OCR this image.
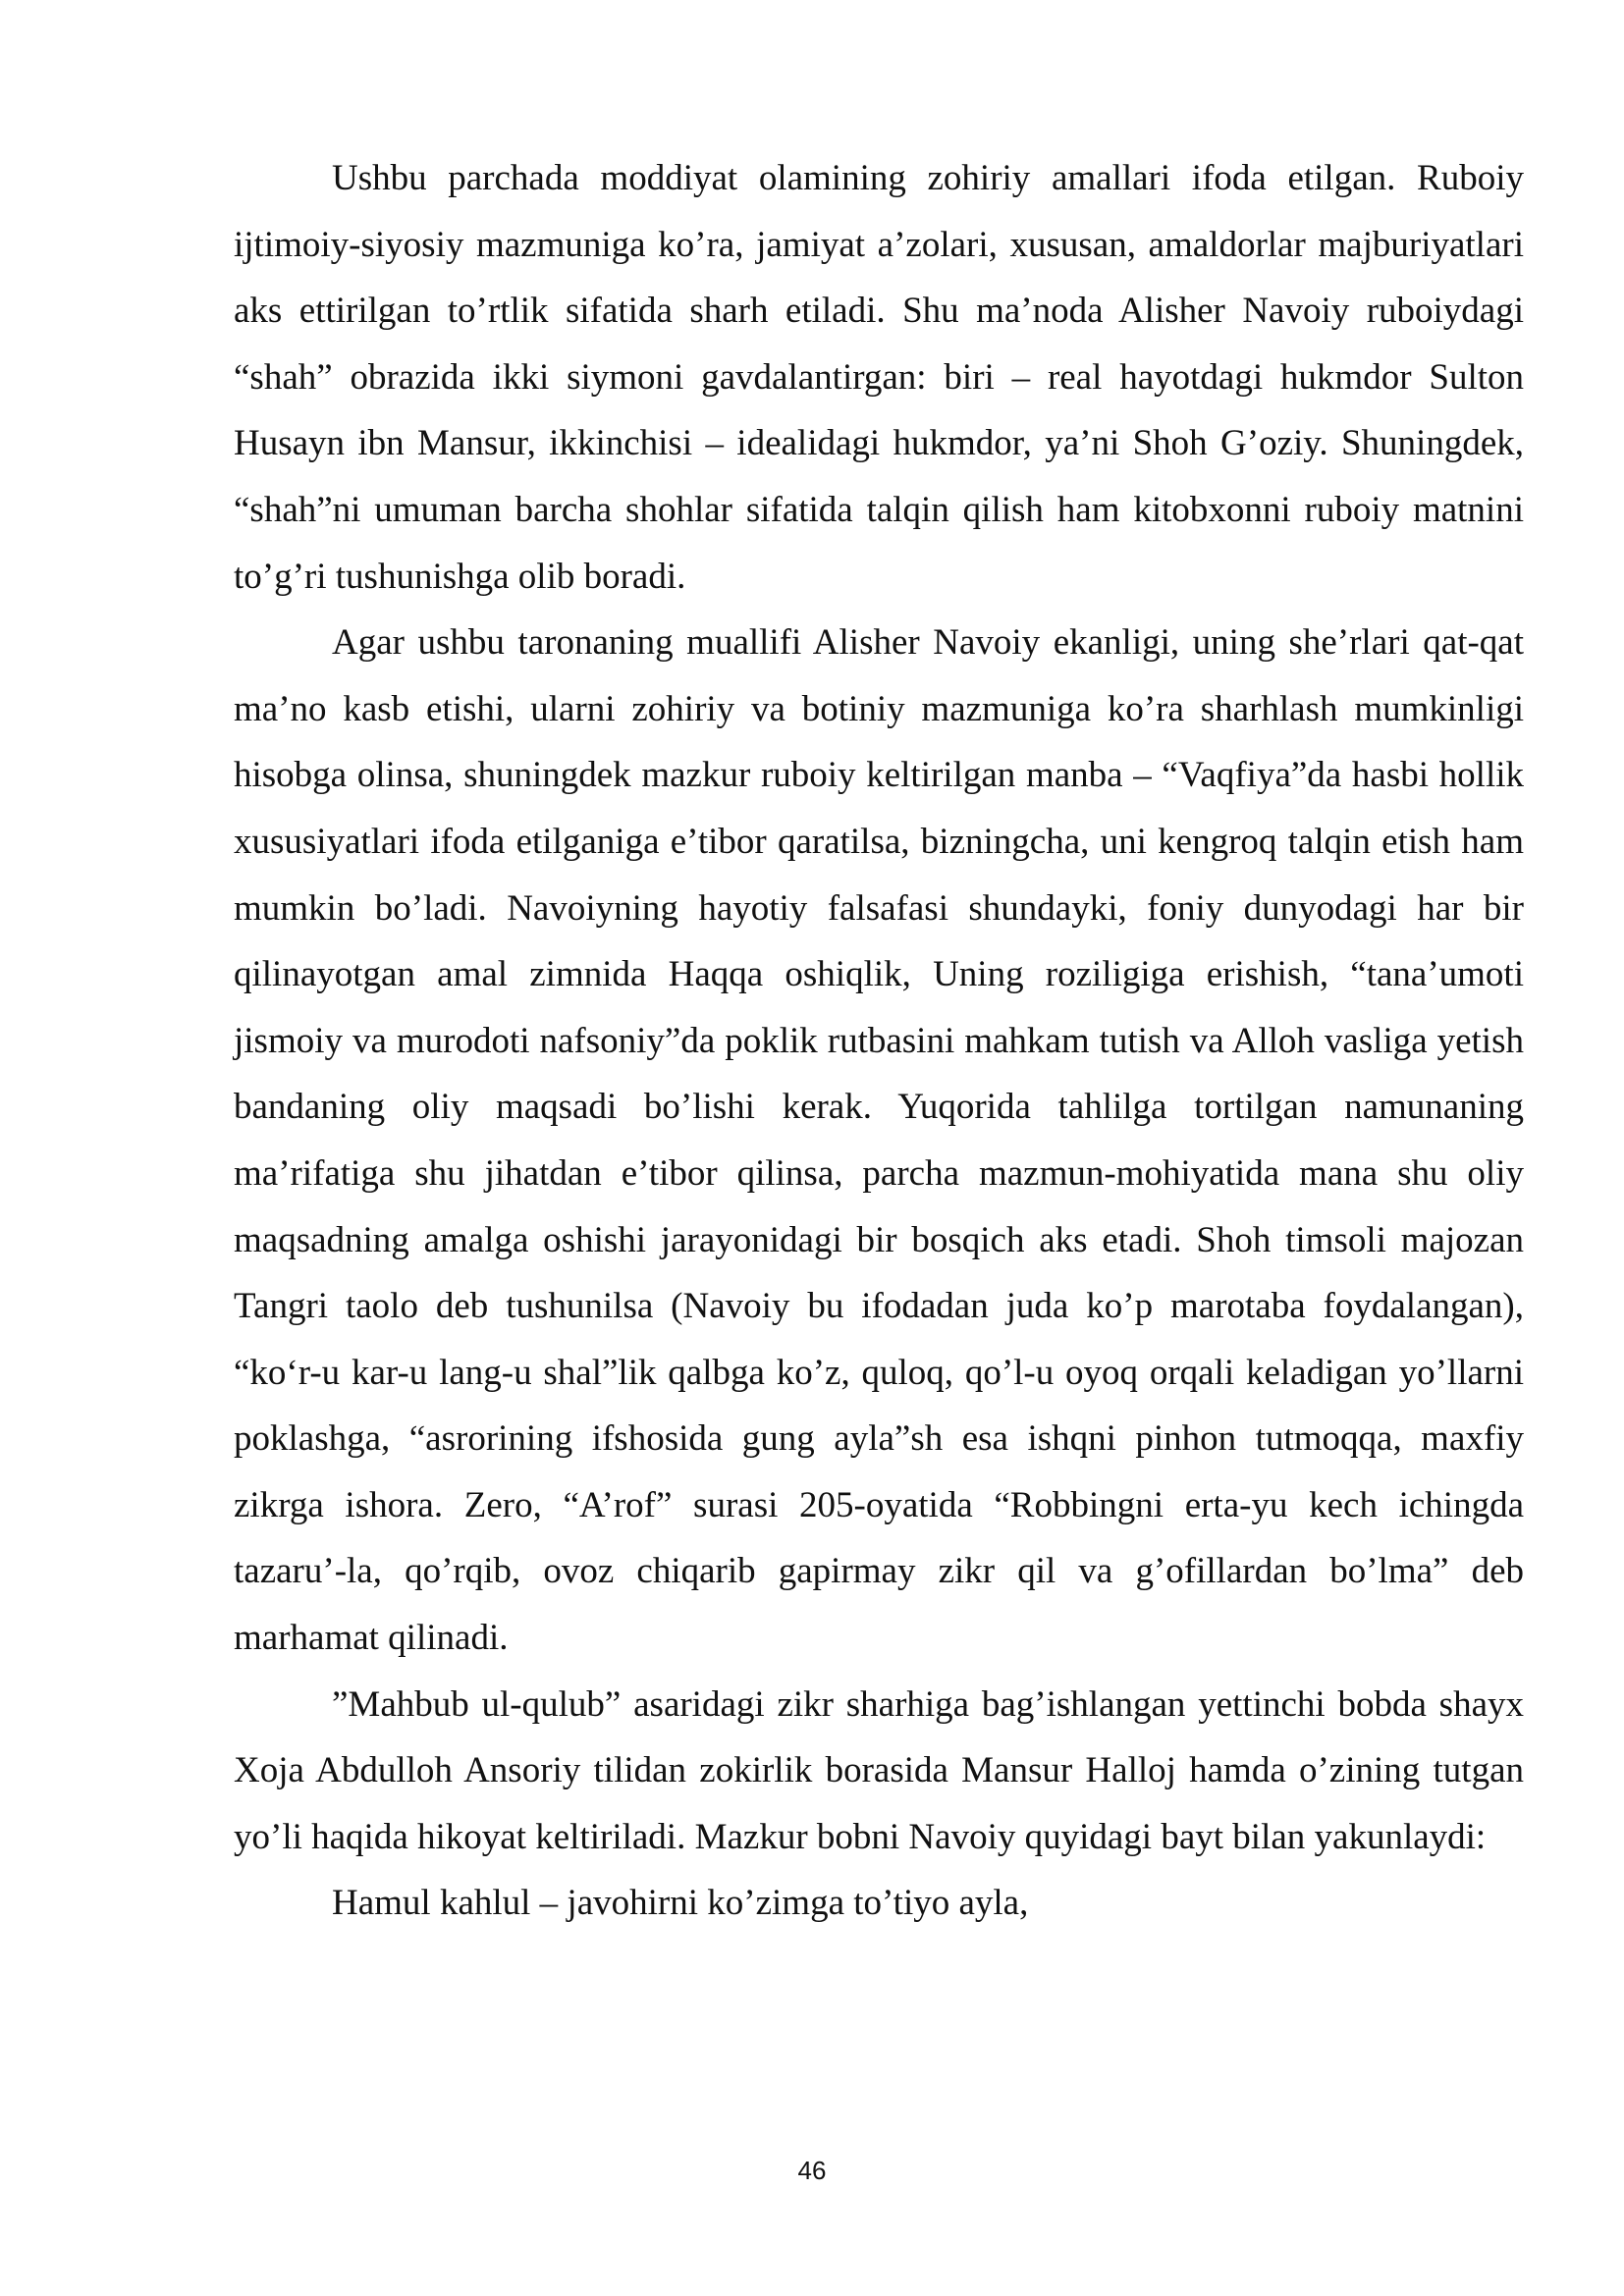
Ushbu parchada moddiyat olamining zohiriy amallari ifoda etilgan. Ruboiy ijtimoiy-siyosiy mazmuniga ko’ra, jamiyat a’zolari, xususan, amaldorlar majburiyatlari aks ettirilgan to’rtlik sifatida sharh etiladi. Shu ma’noda Alisher Navoiy ruboiydagi “shah” obrazida ikki siymoni gavdalantirgan: biri – real hayotdagi hukmdor Sulton Husayn ibn Mansur, ikkinchisi – idealidagi hukmdor, ya’ni Shoh G’oziy. Shuningdek, “shah”ni umuman barcha shohlar sifatida talqin qilish ham kitobxonni ruboiy matnini to’g’ri tushunishga olib boradi.

Agar ushbu taronaning muallifi Alisher Navoiy ekanligi, uning she’rlari qat-qat ma’no kasb etishi, ularni zohiriy va botiniy mazmuniga ko’ra sharhlash mumkinligi hisobga olinsa, shuningdek mazkur ruboiy keltirilgan manba – “Vaqfiya”da hasbi hollik xususiyatlari ifoda etilganiga e’tibor qaratilsa, bizningcha, uni kengroq talqin etish ham mumkin bo’ladi. Navoiyning hayotiy falsafasi shundayki, foniy dunyodagi har bir qilinayotgan amal zimnida Haqqa oshiqlik, Uning roziligiga erishish, “tana’umoti jismoiy va murodoti nafsoniy”da poklik rutbasini mahkam tutish va Alloh vasliga yetish bandaning oliy maqsadi bo’lishi kerak. Yuqorida tahlilga tortilgan namunaning ma’rifatiga shu jihatdan e’tibor qilinsa, parcha mazmun-mohiyatida mana shu oliy maqsadning amalga oshishi jarayonidagi bir bosqich aks etadi. Shoh timsoli majozan Tangri taolo deb tushunilsa (Navoiy bu ifodadan juda ko’p marotaba foydalangan), “ko‘r-u kar-u lang-u shal”lik qalbga ko’z, quloq, qo’l-u oyoq orqali keladigan yo’llarni poklashga, “asrorining ifshosida gung ayla”sh esa ishqni pinhon tutmoqqa, maxfiy zikrga ishora. Zero, “A’rof” surasi 205-oyatida “Robbingni erta-yu kech ichingda tazaru’-la, qo’rqib, ovoz chiqarib gapirmay zikr qil va g’ofillardan bo’lma” deb marhamat qilinadi.

”Mahbub ul-qulub” asaridagi zikr sharhiga bag’ishlangan yettinchi bobda shayx Xoja Abdulloh Ansoriy tilidan zokirlik borasida Mansur Halloj hamda o’zining tutgan yo’li haqida hikoyat keltiriladi. Mazkur bobni Navoiy quyidagi bayt bilan yakunlaydi:

Hamul kahlul – javohirni ko’zimga to’tiyo ayla,

46
